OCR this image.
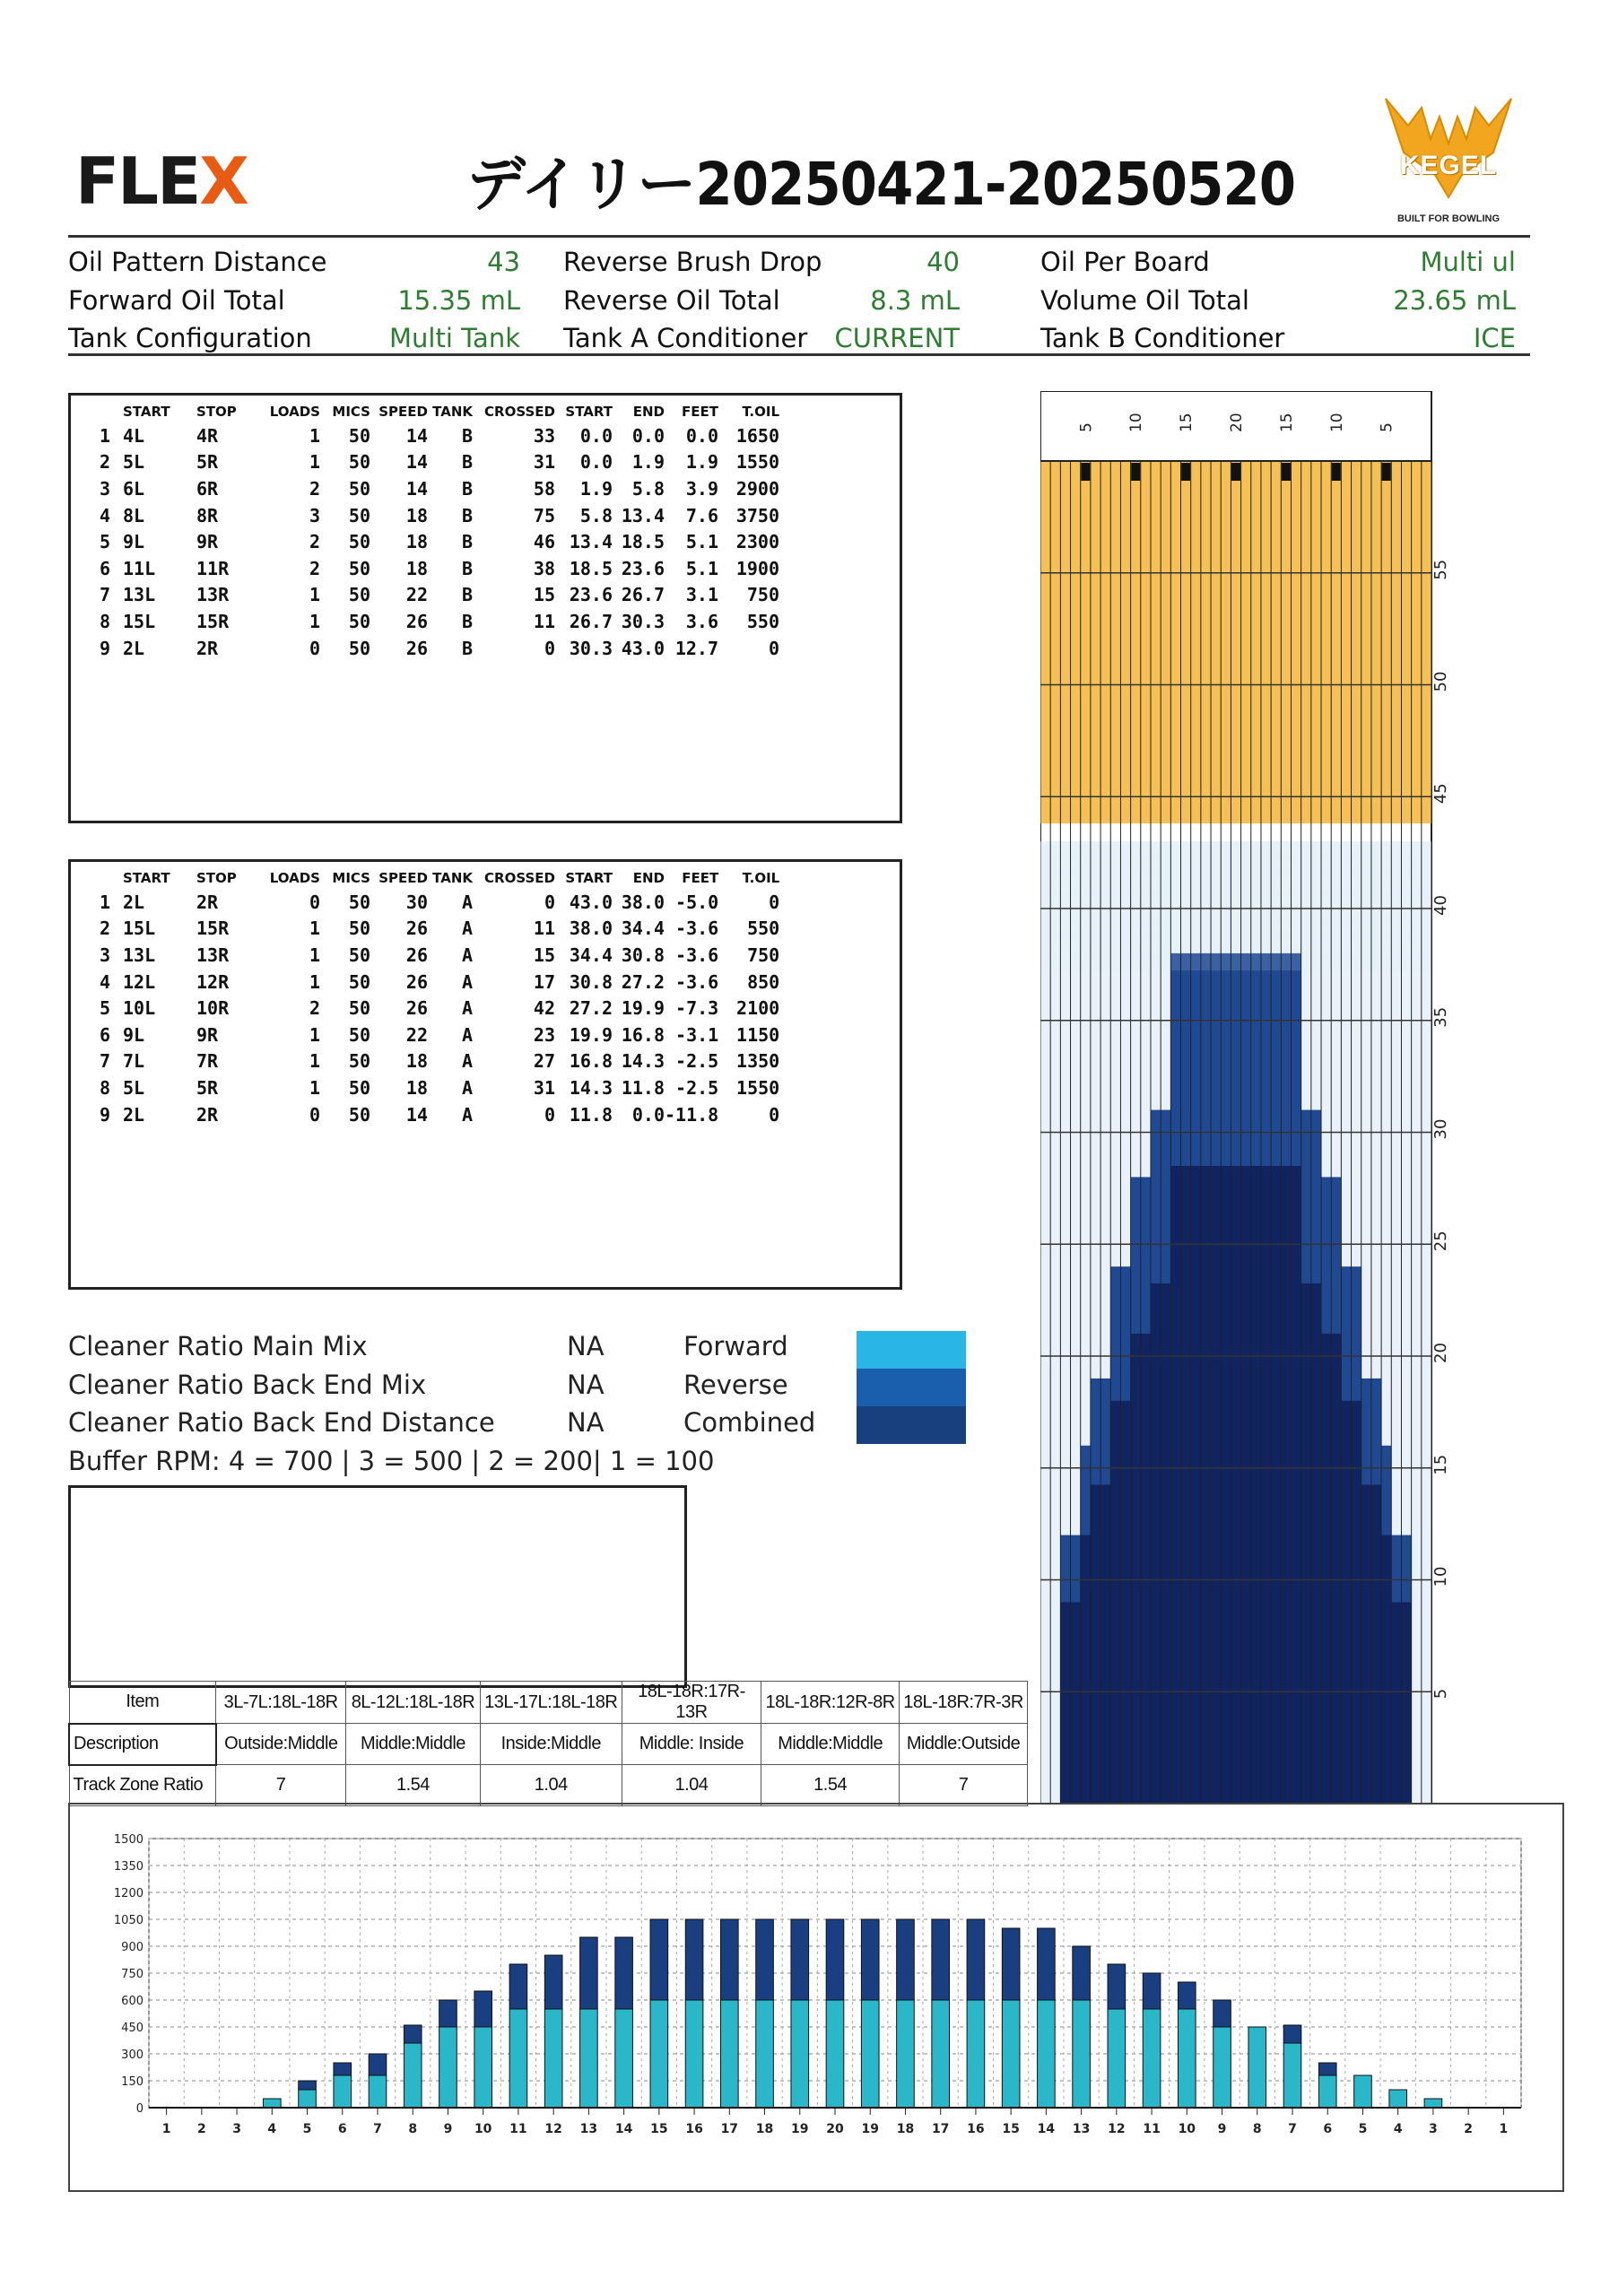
FLEX	デイリー20250421-20250520	KEGEL
BUILT FOR BOWLING
Oil Pattern Distance	43
Forward Oil Total	15.35 mL
Tank Configuration	Multi Tank
Reverse Brush Drop	40
Reverse Oil Total	8.3 mL
Tank A Conditioner	CURRENT
Oil Per Board	Multi ul
Volume Oil Total	23.65 mL
Tank B Conditioner	ICE
	START	STOP	LOADS	MICS	SPEED	TANK	CROSSED	START	END	FEET	T.OIL
1	4L	4R	1	50	14	B	33	0.0	0.0	0.0	1650
2	5L	5R	1	50	14	B	31	0.0	1.9	1.9	1550
3	6L	6R	2	50	14	B	58	1.9	5.8	3.9	2900
4	8L	8R	3	50	18	B	75	5.8	13.4	7.6	3750
5	9L	9R	2	50	18	B	46	13.4	18.5	5.1	2300
6	11L	11R	2	50	18	B	38	18.5	23.6	5.1	1900
7	13L	13R	1	50	22	B	15	23.6	26.7	3.1	750
8	15L	15R	1	50	26	B	11	26.7	30.3	3.6	550
9	2L	2R	0	50	26	B	0	30.3	43.0	12.7	0
	START	STOP	LOADS	MICS	SPEED	TANK	CROSSED	START	END	FEET	T.OIL
1	2L	2R	0	50	30	A	0	43.0	38.0	-5.0	0
2	15L	15R	1	50	26	A	11	38.0	34.4	-3.6	550
3	13L	13R	1	50	26	A	15	34.4	30.8	-3.6	750
4	12L	12R	1	50	26	A	17	30.8	27.2	-3.6	850
5	10L	10R	2	50	26	A	42	27.2	19.9	-7.3	2100
6	9L	9R	1	50	22	A	23	19.9	16.8	-3.1	1150
7	7L	7R	1	50	18	A	27	16.8	14.3	-2.5	1350
8	5L	5R	1	50	18	A	31	14.3	11.8	-2.5	1550
9	2L	2R	0	50	14	A	0	11.8	0.0	-11.8	0
Cleaner Ratio Main Mix	NA	Forward
Cleaner Ratio Back End Mix	NA	Reverse
Cleaner Ratio Back End Distance	NA	Combined
Buffer RPM: 4 = 700 | 3 = 500 | 2 = 200| 1 = 100
Item	3L-7L:18L-18R	8L-12L:18L-18R	13L-17L:18L-18R	18L-18R:17R-13R	18L-18R:12R-8R	18L-18R:7R-3R
Description	Outside:Middle	Middle:Middle	Inside:Middle	Middle: Inside	Middle:Middle	Middle:Outside
Track Zone Ratio	7	1.54	1.04	1.04	1.54	7
55
50
45
40
35
30
25
20
15
10
5
5 10 15 20 15 10 5
0
150
300
450
600
750
900
1050
1200
1350
1500
1 2 3 4 5 6 7 8 9 10 11 12 13 14 15 16 17 18 19 20 19 18 17 16 15 14 13 12 11 10 9 8 7 6 5 4 3 2 1
